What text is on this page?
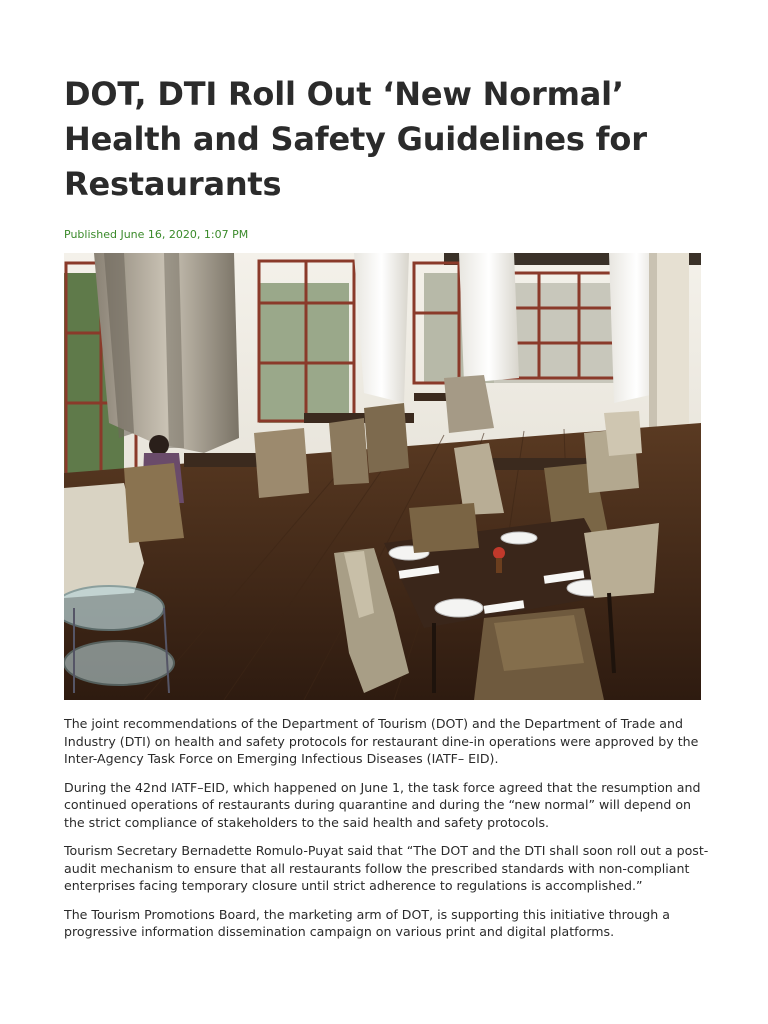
DOT, DTI Roll Out ‘New Normal’ Health and Safety Guidelines for Restaurants
Published June 16, 2020, 1:07 PM

The joint recommendations of the Department of Tourism (DOT) and the Department of Trade and Industry (DTI) on health and safety protocols for restaurant dine-in operations were approved by the Inter-Agency Task Force on Emerging Infectious Diseases (IATF– EID).

During the 42nd IATF–EID, which happened on June 1, the task force agreed that the resumption and continued operations of restaurants during quarantine and during the “new normal” will depend on the strict compliance of stakeholders to the said health and safety protocols.

Tourism Secretary Bernadette Romulo-Puyat said that “The DOT and the DTI shall soon roll out a post-audit mechanism to ensure that all restaurants follow the prescribed standards with non-compliant enterprises facing temporary closure until strict adherence to regulations is accomplished.”

The Tourism Promotions Board, the marketing arm of DOT, is supporting this initiative through a progressive information dissemination campaign on various print and digital platforms.
